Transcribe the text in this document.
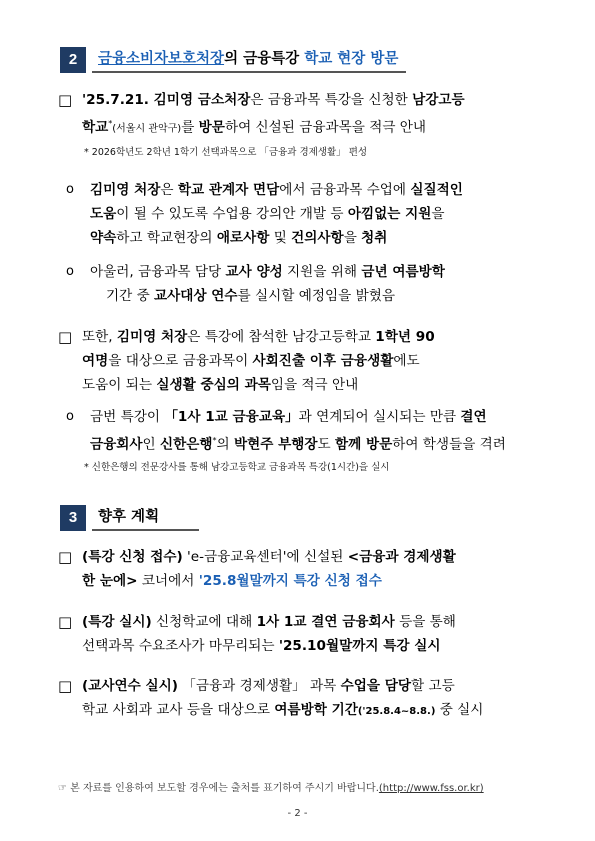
2	금융소비자보호처장의 금융특강 학교 현장 방문
□ '25.7.21. 김미영 금소처장은 금융과목 특강을 신청한 남강고등
학교*(서울시 관악구)를 방문하여 신설된 금융과목을 적극 안내
* 2026학년도 2학년 1학기 선택과목으로 「금융과 경제생활」 편성
ο 김미영 처장은 학교 관계자 면담에서 금융과목 수업에 실질적인
도움이 될 수 있도록 수업용 강의안 개발 등 아낌없는 지원을
약속하고 학교현장의 애로사항 및 건의사항을 청취
ο 아울러, 금융과목 담당 교사 양성 지원을 위해 금년 여름방학
기간 중 교사대상 연수를 실시할 예정임을 밝혔음
□ 또한, 김미영 처장은 특강에 참석한 남강고등학교 1학년 90
여명을 대상으로 금융과목이 사회진출 이후 금융생활에도
도움이 되는 실생활 중심의 과목임을 적극 안내
ο 금번 특강이 「1사 1교 금융교육」과 연계되어 실시되는 만큼 결연
금융회사인 신한은행*의 박현주 부행장도 함께 방문하여 학생들을 격려
* 신한은행의 전문강사를 통해 남강고등학교 금융과목 특강(1시간)을 실시
3	향후 계획
□ (특강 신청 접수) 'e-금융교육센터'에 신설된 <금융과 경제생활
한 눈에> 코너에서 '25.8월말까지 특강 신청 접수
□ (특강 실시) 신청학교에 대해 1사 1교 결연 금융회사 등을 통해
선택과목 수요조사가 마무리되는 '25.10월말까지 특강 실시
□ (교사연수 실시) 「금융과 경제생활」 과목 수업을 담당할 고등
학교 사회과 교사 등을 대상으로 여름방학 기간('25.8.4~8.8.) 중 실시
☞ 본 자료를 인용하여 보도할 경우에는 출처를 표기하여 주시기 바랍니다.(http://www.fss.or.kr)
- 2 -
